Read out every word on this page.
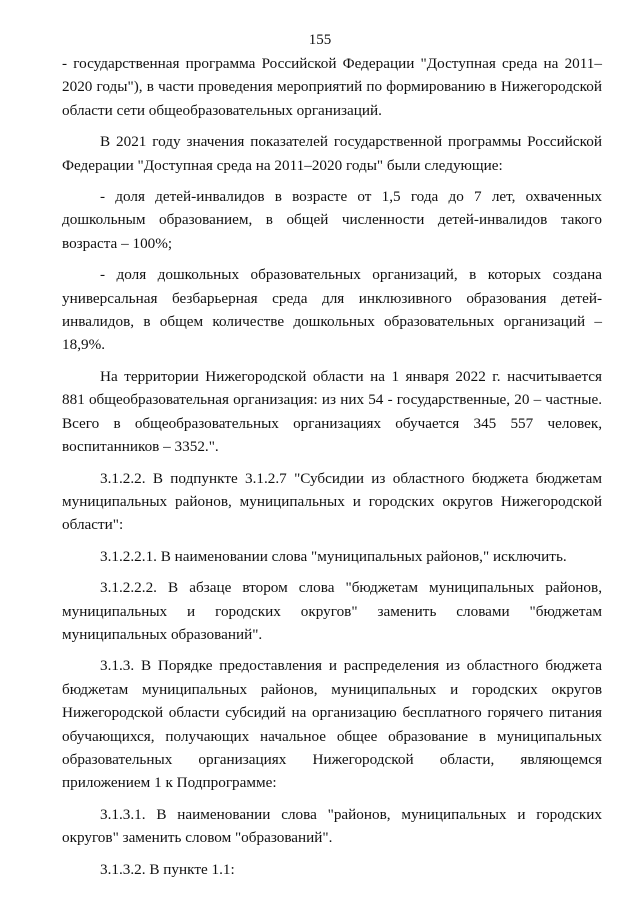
155

- государственная программа Российской Федерации "Доступная среда на 2011–2020 годы"), в части проведения мероприятий по формированию в Нижегородской области сети общеобразовательных организаций.

В 2021 году значения показателей государственной программы Российской Федерации "Доступная среда на 2011–2020 годы" были следующие:

- доля детей-инвалидов в возрасте от 1,5 года до 7 лет, охваченных дошкольным образованием, в общей численности детей-инвалидов такого возраста – 100%;

- доля дошкольных образовательных организаций, в которых создана универсальная безбарьерная среда для инклюзивного образования детей-инвалидов, в общем количестве дошкольных образовательных организаций – 18,9%.

На территории Нижегородской области на 1 января 2022 г. насчитывается 881 общеобразовательная организация: из них 54 - государственные, 20 – частные. Всего в общеобразовательных организациях обучается 345 557 человек, воспитанников – 3352.".

3.1.2.2. В подпункте 3.1.2.7 "Субсидии из областного бюджета бюджетам муниципальных районов, муниципальных и городских округов Нижегородской области":

3.1.2.2.1. В наименовании слова "муниципальных районов," исключить.

3.1.2.2.2. В абзаце втором слова "бюджетам муниципальных районов, муниципальных и городских округов" заменить словами "бюджетам муниципальных образований".

3.1.3. В Порядке предоставления и распределения из областного бюджета бюджетам муниципальных районов, муниципальных и городских округов Нижегородской области субсидий на организацию бесплатного горячего питания обучающихся, получающих начальное общее образование в муниципальных образовательных организациях Нижегородской области, являющемся приложением 1 к Подпрограмме:

3.1.3.1. В наименовании слова "районов, муниципальных и городских округов" заменить словом "образований".

3.1.3.2. В пункте 1.1:
